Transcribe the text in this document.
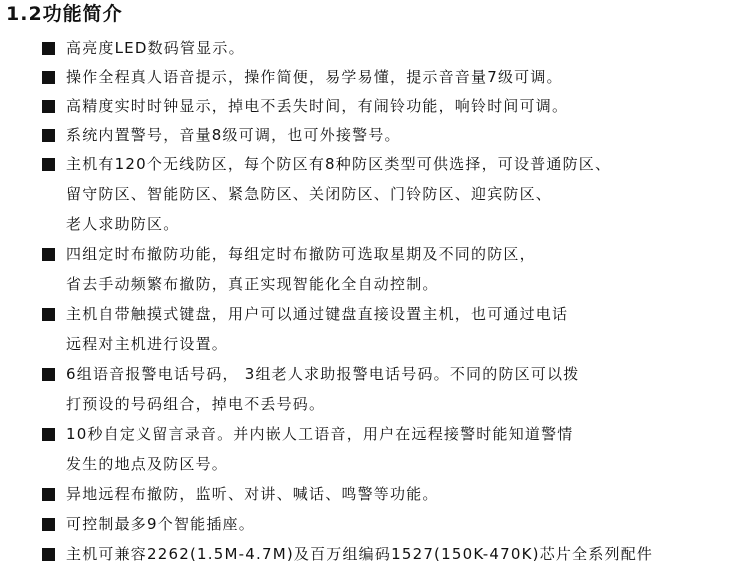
1.2功能简介
高亮度LED数码管显示。
操作全程真人语音提示，操作简便，易学易懂，提示音音量7级可调。
高精度实时时钟显示，掉电不丢失时间，有闹铃功能，响铃时间可调。
系统内置警号，音量8级可调，也可外接警号。
主机有120个无线防区，每个防区有8种防区类型可供选择，可设普通防区、
留守防区、智能防区、紧急防区、关闭防区、门铃防区、迎宾防区、
老人求助防区。
四组定时布撤防功能，每组定时布撤防可选取星期及不同的防区，
省去手动频繁布撤防，真正实现智能化全自动控制。
主机自带触摸式键盘，用户可以通过键盘直接设置主机，也可通过电话
远程对主机进行设置。
6组语音报警电话号码， 3组老人求助报警电话号码。不同的防区可以拨
打预设的号码组合，掉电不丢号码。
10秒自定义留言录音。并内嵌人工语音，用户在远程接警时能知道警情
发生的地点及防区号。
异地远程布撤防，监听、对讲、喊话、鸣警等功能。
可控制最多9个智能插座。
主机可兼容2262(1.5M-4.7M)及百万组编码1527(150K-470K)芯片全系列配件
